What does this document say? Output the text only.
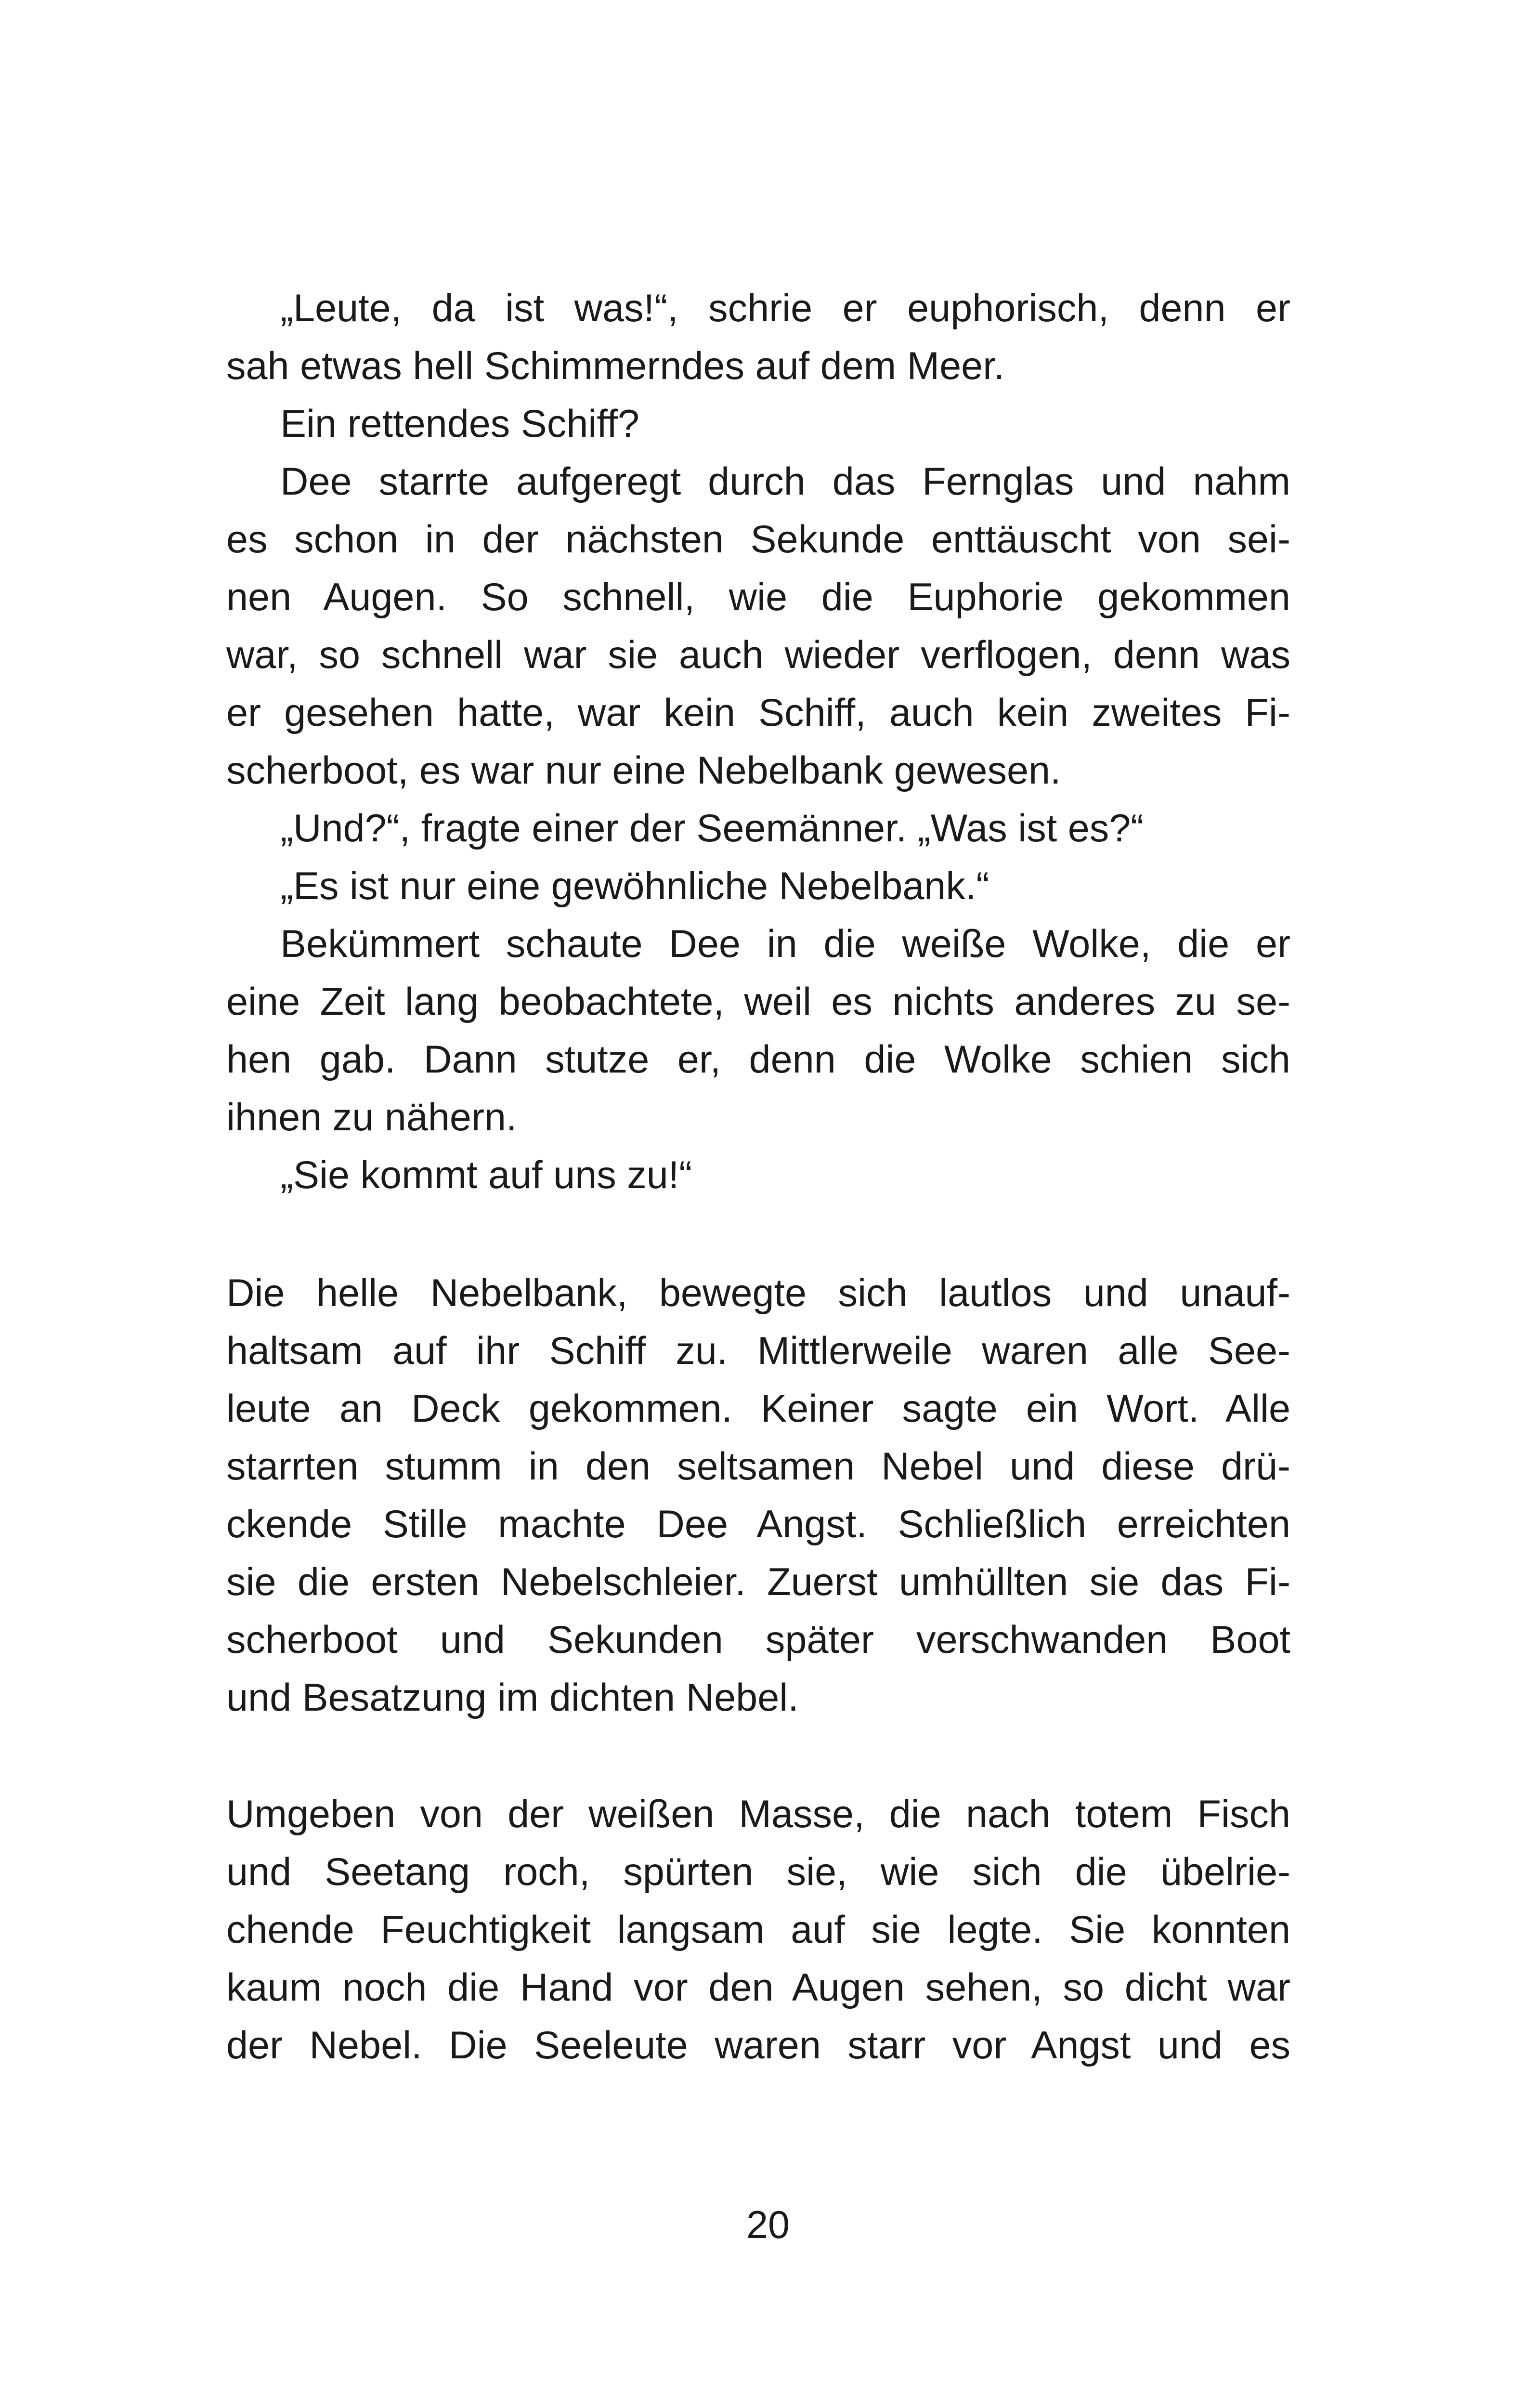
„Leute, da ist was!“, schrie er euphorisch, denn er
sah etwas hell Schimmerndes auf dem Meer.
Ein rettendes Schiff?
Dee starrte aufgeregt durch das Fernglas und nahm
es schon in der nächsten Sekunde enttäuscht von sei-
nen Augen. So schnell, wie die Euphorie gekommen
war, so schnell war sie auch wieder verflogen, denn was
er gesehen hatte, war kein Schiff, auch kein zweites Fi-
scherboot, es war nur eine Nebelbank gewesen.
„Und?“, fragte einer der Seemänner. „Was ist es?“
„Es ist nur eine gewöhnliche Nebelbank.“
Bekümmert schaute Dee in die weiße Wolke, die er
eine Zeit lang beobachtete, weil es nichts anderes zu se-
hen gab. Dann stutze er, denn die Wolke schien sich
ihnen zu nähern.
„Sie kommt auf uns zu!“
Die helle Nebelbank, bewegte sich lautlos und unauf-
haltsam auf ihr Schiff zu. Mittlerweile waren alle See-
leute an Deck gekommen. Keiner sagte ein Wort. Alle
starrten stumm in den seltsamen Nebel und diese drü-
ckende Stille machte Dee Angst. Schließlich erreichten
sie die ersten Nebelschleier. Zuerst umhüllten sie das Fi-
scherboot und Sekunden später verschwanden Boot
und Besatzung im dichten Nebel.
Umgeben von der weißen Masse, die nach totem Fisch
und Seetang roch, spürten sie, wie sich die übelrie-
chende Feuchtigkeit langsam auf sie legte. Sie konnten
kaum noch die Hand vor den Augen sehen, so dicht war
der Nebel. Die Seeleute waren starr vor Angst und es
20
